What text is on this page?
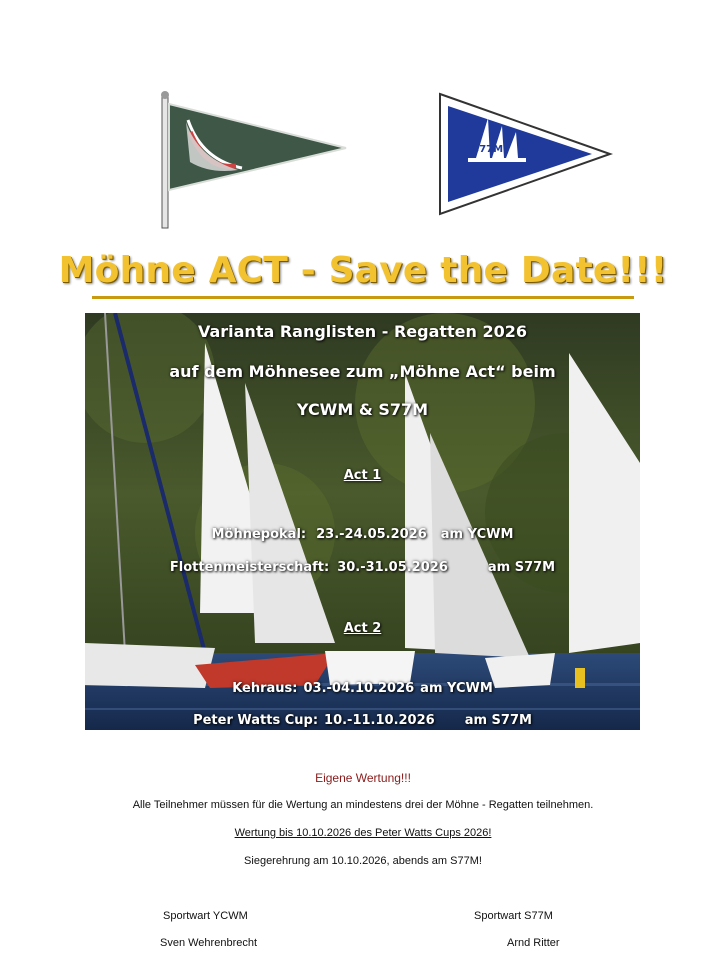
S77M
Möhne ACT - Save the Date!!!
Varianta Ranglisten - Regatten 2026
auf dem Möhnesee zum „Möhne Act“ beim
YCWM & S77M
Act 1
Möhnepokal: 23.-24.05.2026 am YCWM
Flottenmeisterschaft: 30.-31.05.2026	am S77M
Act 2
Kehraus: 03.-04.10.2026 am YCWM
Peter Watts Cup: 10.-11.10.2026 am S77M
Eigene Wertung!!!
Alle Teilnehmer müssen für die Wertung an mindestens drei der Möhne - Regatten teilnehmen.
Wertung bis 10.10.2026 des Peter Watts Cups 2026!
Siegerehrung am 10.10.2026, abends am S77M!
Sportwart YCWM
Sven Wehrenbrecht
Sportwart S77M
Arnd Ritter
